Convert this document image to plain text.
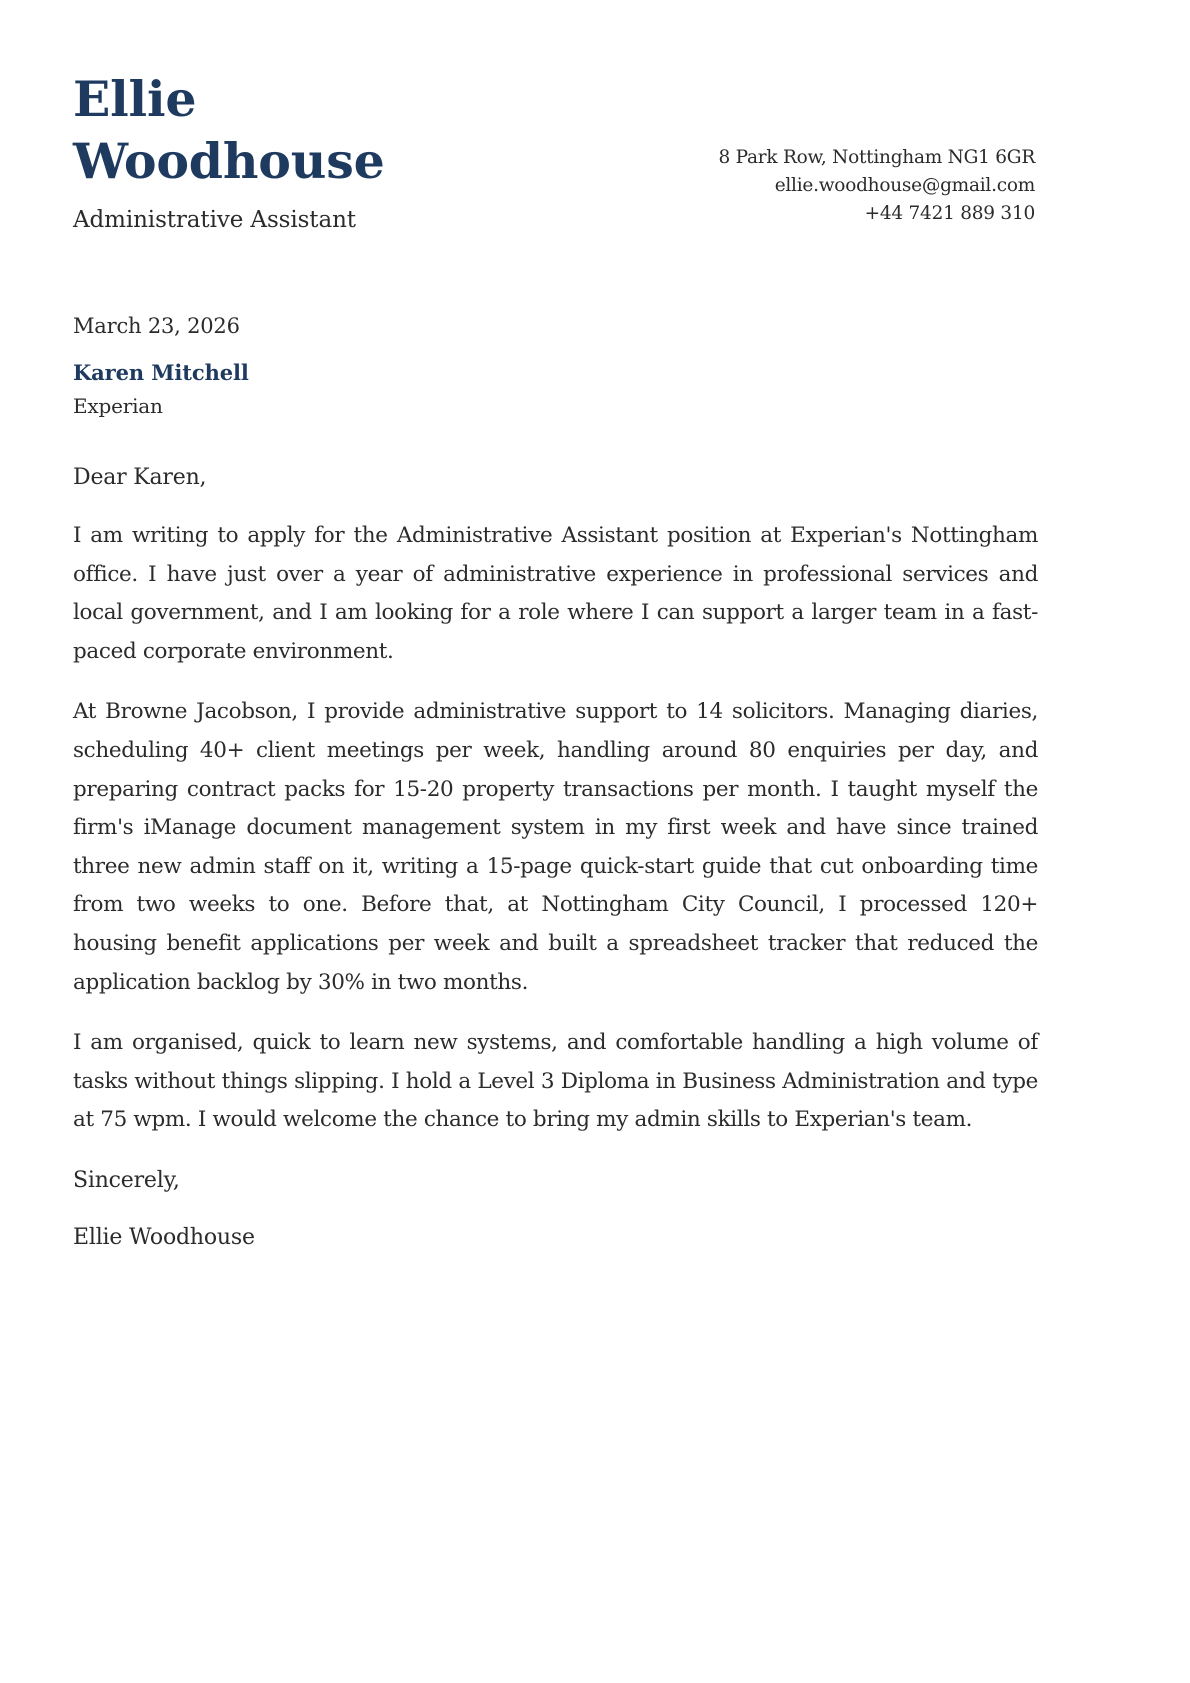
Ellie Woodhouse
Administrative Assistant
8 Park Row, Nottingham NG1 6GR
ellie.woodhouse@gmail.com
+44 7421 889 310
March 23, 2026
Karen Mitchell
Experian
Dear Karen,

I am writing to apply for the Administrative Assistant position at Experian's Nottingham office. I have just over a year of administrative experience in professional services and local government, and I am looking for a role where I can support a larger team in a fast-paced corporate environment.

At Browne Jacobson, I provide administrative support to 14 solicitors. Managing diaries, scheduling 40+ client meetings per week, handling around 80 enquiries per day, and preparing contract packs for 15-20 property transactions per month. I taught myself the firm's iManage document management system in my first week and have since trained three new admin staff on it, writing a 15-page quick-start guide that cut onboarding time from two weeks to one. Before that, at Nottingham City Council, I processed 120+ housing benefit applications per week and built a spreadsheet tracker that reduced the application backlog by 30% in two months.

I am organised, quick to learn new systems, and comfortable handling a high volume of tasks without things slipping. I hold a Level 3 Diploma in Business Administration and type at 75 wpm. I would welcome the chance to bring my admin skills to Experian's team.

Sincerely,
Ellie Woodhouse
